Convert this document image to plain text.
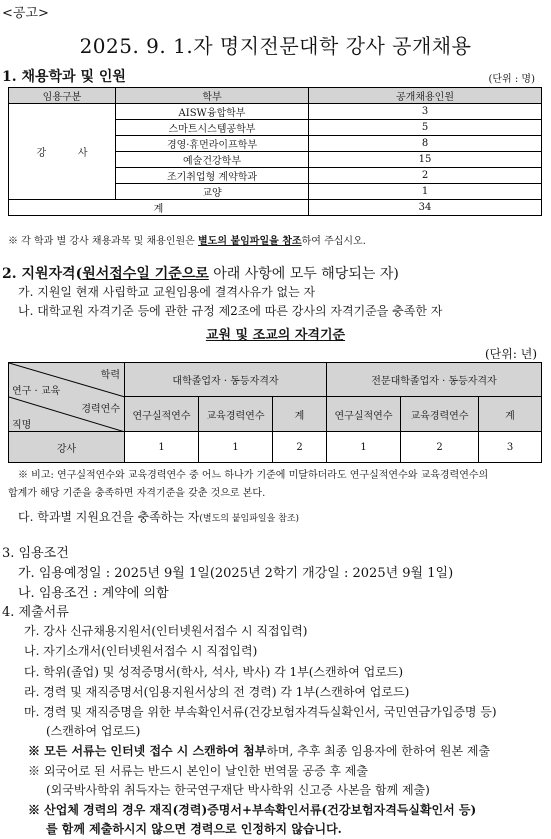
<공고>
2025. 9. 1.자 명지전문대학 강사 공개채용
1. 채용학과 및 인원	(단위 : 명)
임용구분	학부	공개채용인원
강          사	AISW융합학부	3
	스마트시스템공학부	5
	경영·휴먼라이프학부	8
	예술건강학부	15
	조기취업형 계약학과	2
	교양	1
계		34
※ 각 학과 별 강사 채용과목 및 채용인원은 별도의 붙임파일을 참조하여 주십시오.
2. 지원자격(원서접수일 기준으로 아래 사항에 모두 해당되는 자)
가. 지원일 현재 사립학교 교원임용에 결격사유가 없는 자
나. 대학교원 자격기준 등에 관한 규정 제2조에 따른 강사의 자격기준을 충족한 자
교원 및 조교의 자격기준
(단위: 년)
학력
연구 · 교육
경력연수
직명	대학졸업자 · 동등자격자			전문대학졸업자 · 동등자격자		
	연구실적연수	교육경력연수	계	연구실적연수	교육경력연수	계
강사	1	1	2	1	2	3
※ 비고: 연구실적연수와 교육경력연수 중 어느 하나가 기준에 미달하더라도 연구실적연수와 교육경력연수의
합계가 해당 기준을 충족하면 자격기준을 갖춘 것으로 본다.
다. 학과별 지원요건을 충족하는 자(별도의 붙임파일을 참조)
3. 임용조건
가. 임용예정일 : 2025년 9월 1일(2025년 2학기 개강일 : 2025년 9월 1일)
나. 임용조건 : 계약에 의함
4. 제출서류
가. 강사 신규채용지원서(인터넷원서접수 시 직접입력)
나. 자기소개서(인터넷원서접수 시 직접입력)
다. 학위(졸업) 및 성적증명서(학사, 석사, 박사) 각 1부(스캔하여 업로드)
라. 경력 및 재직증명서(임용지원서상의 전 경력) 각 1부(스캔하여 업로드)
마. 경력 및 재직증명을 위한 부속확인서류(건강보험자격득실확인서, 국민연금가입증명 등)
(스캔하여 업로드)
※ 모든 서류는 인터넷 접수 시 스캔하여 첨부하며, 추후 최종 임용자에 한하여 원본 제출
※ 외국어로 된 서류는 반드시 본인이 날인한 번역물 공증 후 제출
(외국박사학위 취득자는 한국연구재단 박사학위 신고증 사본을 함께 제출)
※ 산업체 경력의 경우 재직(경력)증명서+부속확인서류(건강보험자격득실확인서 등)
를 함께 제출하시지 않으면 경력으로 인정하지 않습니다.
